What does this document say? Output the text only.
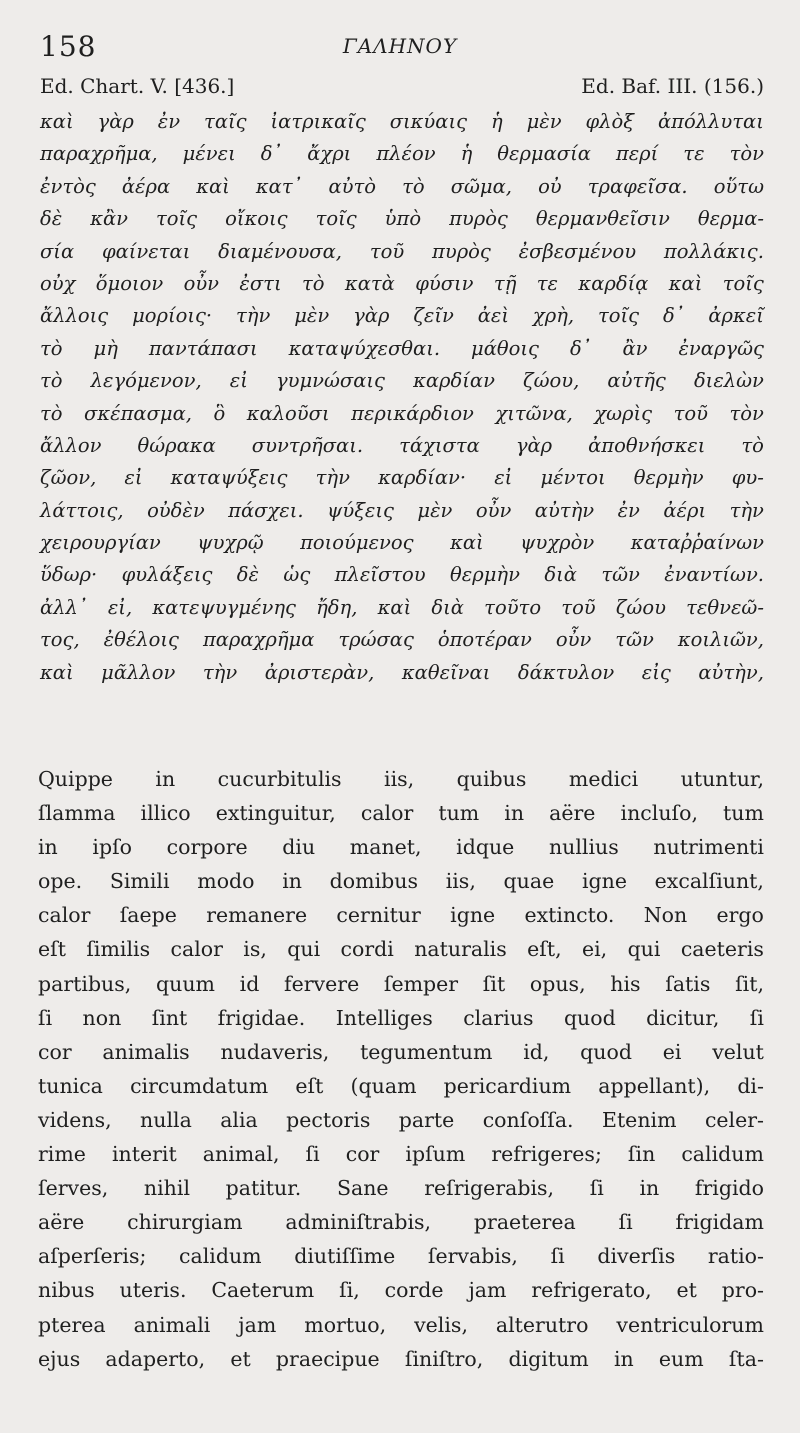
158	ΓΑΛΗΝΟΥ
Ed. Chart. V. [436.]	Ed. Baf. III. (156.)
καὶ γὰρ ἐν ταῖς ἰατρικαῖς σικύαις ἡ μὲν φλὸξ ἀπόλλυται
παραχρῆμα, μένει δ᾽ ἄχρι πλέον ἡ θερμασία περί τε τὸν
ἐντὸς ἀέρα καὶ κατ᾽ αὐτὸ τὸ σῶμα, οὐ τραφεῖσα. οὕτω
δὲ κἂν τοῖς οἴκοις τοῖς ὑπὸ πυρὸς θερμανθεῖσιν θερμα-
σία φαίνεται διαμένουσα, τοῦ πυρὸς ἐσβεσμένου πολλάκις.
οὐχ ὅμοιον οὖν ἐστι τὸ κατὰ φύσιν τῇ τε καρδίᾳ καὶ τοῖς
ἄλλοις μορίοις· τὴν μὲν γὰρ ζεῖν ἀεὶ χρὴ, τοῖς δ᾽ ἀρκεῖ
τὸ μὴ παντάπασι καταψύχεσθαι. μάθοις δ᾽ ἂν ἐναργῶς
τὸ λεγόμενον, εἰ γυμνώσαις καρδίαν ζώου, αὐτῆς διελὼν
τὸ σκέπασμα, ὃ καλοῦσι περικάρδιον χιτῶνα, χωρὶς τοῦ τὸν
ἄλλον θώρακα συντρῆσαι. τάχιστα γὰρ ἀποθνήσκει τὸ
ζῶον, εἰ καταψύξεις τὴν καρδίαν· εἰ μέντοι θερμὴν φυ-
λάττοις, οὐδὲν πάσχει. ψύξεις μὲν οὖν αὐτὴν ἐν ἀέρι τὴν
χειρουργίαν ψυχρῷ ποιούμενος καὶ ψυχρὸν καταῤῥαίνων
ὕδωρ· φυλάξεις δὲ ὡς πλεῖστου θερμὴν διὰ τῶν ἐναντίων.
ἀλλ᾽ εἰ, κατεψυγμένης ἤδη, καὶ διὰ τοῦτο τοῦ ζώου τεθνεῶ-
τος, ἐθέλοις παραχρῆμα τρώσας ὁποτέραν οὖν τῶν κοιλιῶν,
καὶ μᾶλλον τὴν ἀριστερὰν, καθεῖναι δάκτυλον εἰς αὐτὴν,
Quippe in cucurbitulis iis, quibus medici utuntur,
ſlamma illico extinguitur, calor tum in aëre incluſo, tum
in ipſo corpore diu manet, idque nullius nutrimenti
ope. Simili modo in domibus iis, quae igne excalſiunt,
calor ſaepe remanere cernitur igne extincto. Non ergo
eſt ſimilis calor is, qui cordi naturalis eſt, ei, qui caeteris
partibus, quum id fervere ſemper ſit opus, his ſatis ſit,
ſi non ſint frigidae. Intelliges clarius quod dicitur, ſi
cor animalis nudaveris, tegumentum id, quod ei velut
tunica circumdatum eſt (quam pericardium appellant), di-
videns, nulla alia pectoris parte conſoſſa. Etenim celer-
rime interit animal, ſi cor ipſum refrigeres; ſin calidum
ſerves, nihil patitur. Sane reſrigerabis, ſi in frigido
aëre chirurgiam adminiſtrabis, praeterea ſi frigidam
aſperſeris; calidum diutiſſime ſervabis, ſi diverſis ratio-
nibus uteris. Caeterum ſi, corde jam refrigerato, et pro-
pterea animali jam mortuo, velis, alterutro ventriculorum
ejus adaperto, et praecipue ſiniſtro, digitum in eum ſta-
